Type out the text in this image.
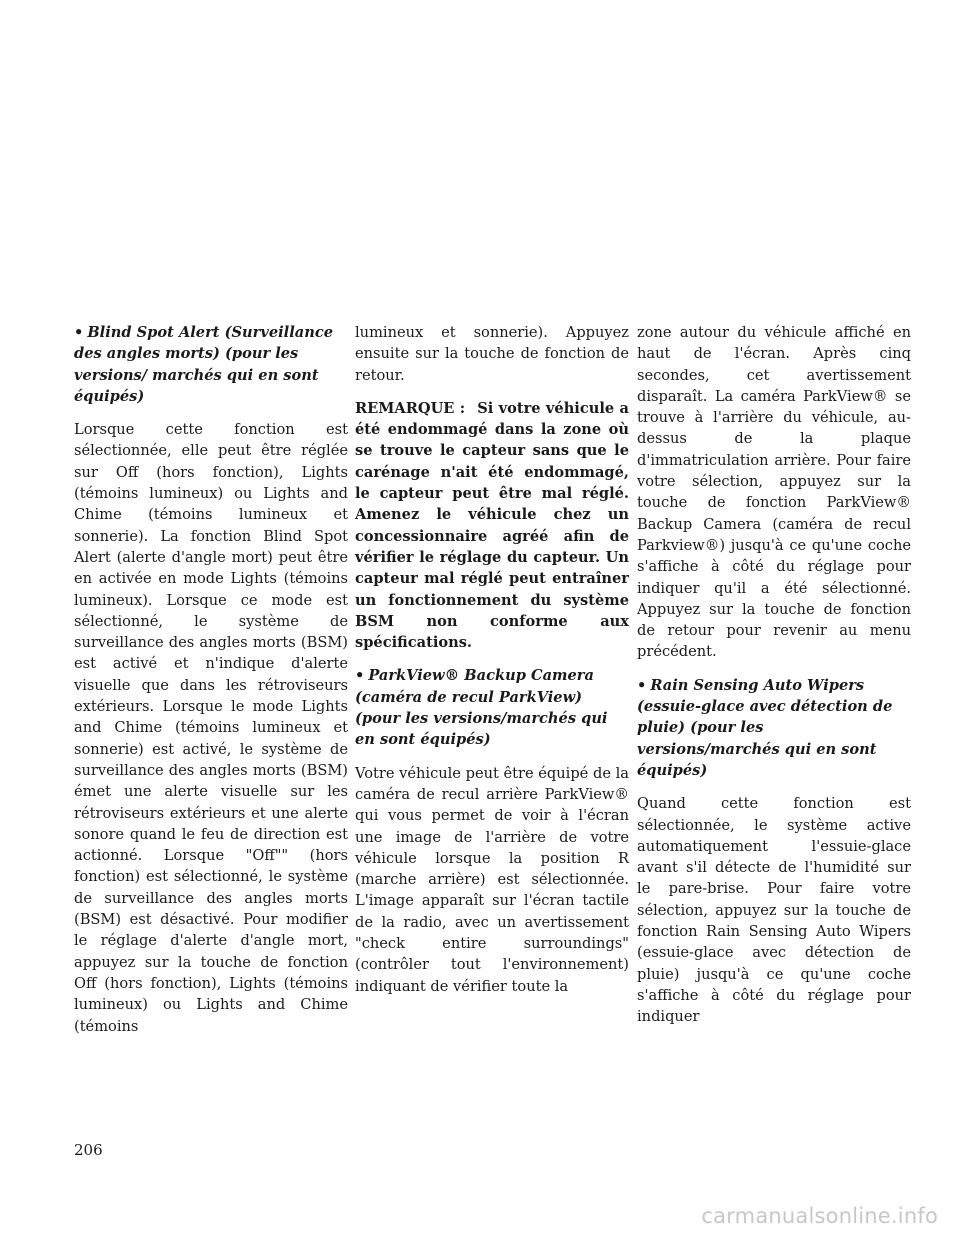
• Blind Spot Alert (Surveillance des angles morts) (pour les versions/ marchés qui en sont équipés)

Lorsque cette fonction est sélectionnée, elle peut être réglée sur Off (hors fonction), Lights (témoins lumineux) ou Lights and Chime (témoins lumineux et sonnerie). La fonction Blind Spot Alert (alerte d'angle mort) peut être en activée en mode Lights (témoins lumineux). Lorsque ce mode est sélectionné, le système de surveillance des angles morts (BSM) est activé et n'indique d'alerte visuelle que dans les rétroviseurs extérieurs. Lorsque le mode Lights and Chime (témoins lumineux et sonnerie) est activé, le système de surveillance des angles morts (BSM) émet une alerte visuelle sur les rétroviseurs extérieurs et une alerte sonore quand le feu de direction est actionné. Lorsque "Off"" (hors fonction) est sélectionné, le système de surveillance des angles morts (BSM) est désactivé. Pour modifier le réglage d'alerte d'angle mort, appuyez sur la touche de fonction Off (hors fonction), Lights (témoins lumineux) ou Lights and Chime (témoins

lumineux et sonnerie). Appuyez ensuite sur la touche de fonction de retour.

REMARQUE : Si votre véhicule a été endommagé dans la zone où se trouve le capteur sans que le carénage n'ait été endommagé, le capteur peut être mal réglé. Amenez le véhicule chez un concessionnaire agréé afin de vérifier le réglage du capteur. Un capteur mal réglé peut entraîner un fonctionnement du système BSM non conforme aux spécifications.

• ParkView® Backup Camera (caméra de recul ParkView) (pour les versions/marchés qui en sont équipés)

Votre véhicule peut être équipé de la caméra de recul arrière ParkView® qui vous permet de voir à l'écran une image de l'arrière de votre véhicule lorsque la position R (marche arrière) est sélectionnée. L'image apparaît sur l'écran tactile de la radio, avec un avertissement "check entire surroundings" (contrôler tout l'environnement) indiquant de vérifier toute la

zone autour du véhicule affiché en haut de l'écran. Après cinq secondes, cet avertissement disparaît. La caméra ParkView® se trouve à l'arrière du véhicule, au-dessus de la plaque d'immatriculation arrière. Pour faire votre sélection, appuyez sur la touche de fonction ParkView® Backup Camera (caméra de recul Parkview®) jusqu'à ce qu'une coche s'affiche à côté du réglage pour indiquer qu'il a été sélectionné. Appuyez sur la touche de fonction de retour pour revenir au menu précédent.

• Rain Sensing Auto Wipers (essuie-glace avec détection de pluie) (pour les versions/marchés qui en sont équipés)

Quand cette fonction est sélectionnée, le système active automatiquement l'essuie-glace avant s'il détecte de l'humidité sur le pare-brise. Pour faire votre sélection, appuyez sur la touche de fonction Rain Sensing Auto Wipers (essuie-glace avec détection de pluie) jusqu'à ce qu'une coche s'affiche à côté du réglage pour indiquer

206
carmanualsonline.info
